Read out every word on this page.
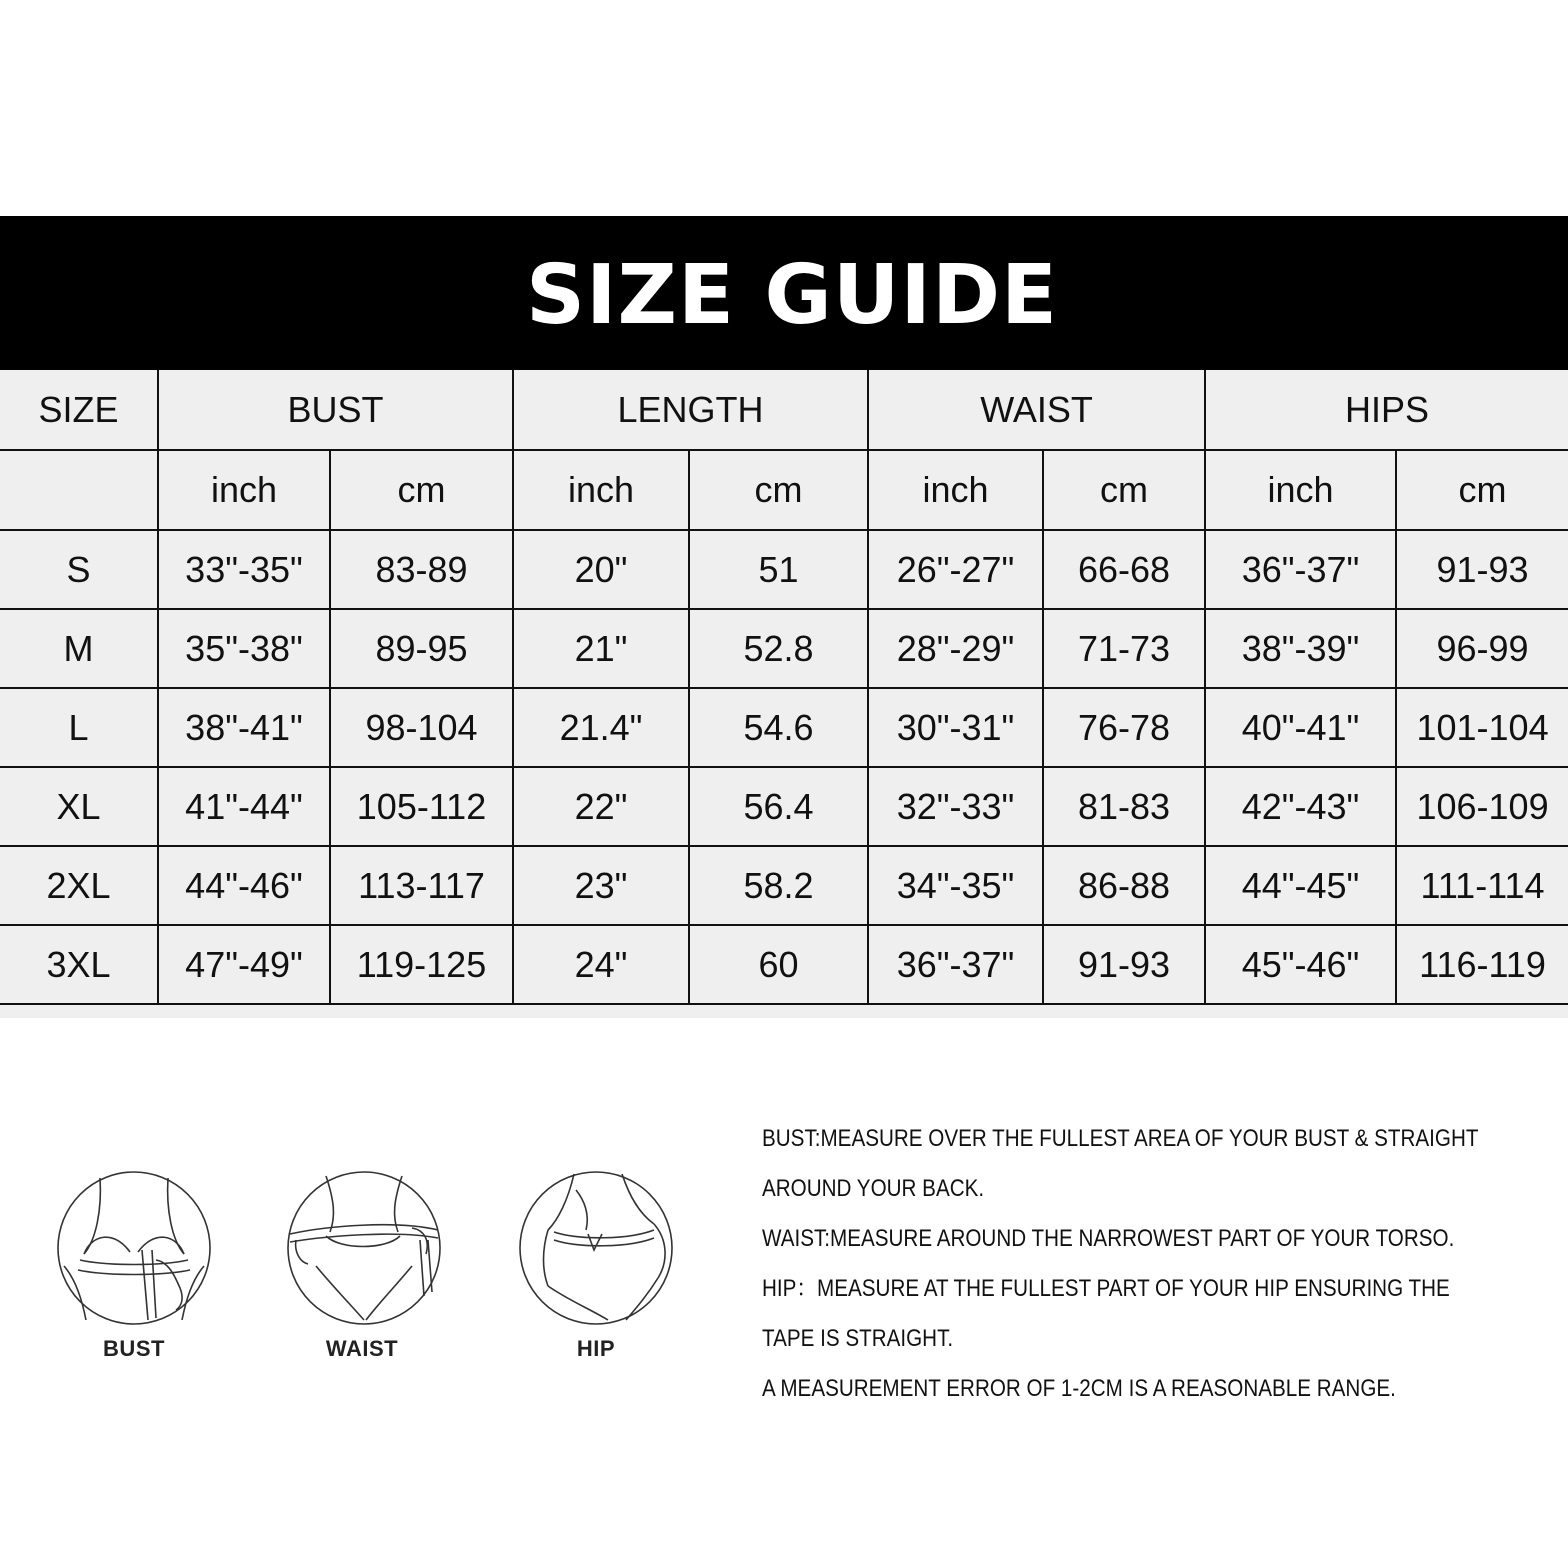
SIZE GUIDE
SIZE	BUST		LENGTH		WAIST		HIPS	
	inch	cm	inch	cm	inch	cm	inch	cm
S	33"-35"	83-89	20"	51	26"-27"	66-68	36"-37"	91-93
M	35"-38"	89-95	21"	52.8	28"-29"	71-73	38"-39"	96-99
L	38"-41"	98-104	21.4"	54.6	30"-31"	76-78	40"-41"	101-104
XL	41"-44"	105-112	22"	56.4	32"-33"	81-83	42"-43"	106-109
2XL	44"-46"	113-117	23"	58.2	34"-35"	86-88	44"-45"	111-114
3XL	47"-49"	119-125	24"	60	36"-37"	91-93	45"-46"	116-119
BUST	WAIST	HIP
BUST:MEASURE OVER THE FULLEST AREA OF YOUR BUST & STRAIGHT
AROUND YOUR BACK.
WAIST:MEASURE AROUND THE NARROWEST PART OF YOUR TORSO.
HIP：MEASURE AT THE FULLEST PART OF YOUR HIP ENSURING THE
TAPE IS STRAIGHT.
A MEASUREMENT ERROR OF 1-2CM IS A REASONABLE RANGE.
